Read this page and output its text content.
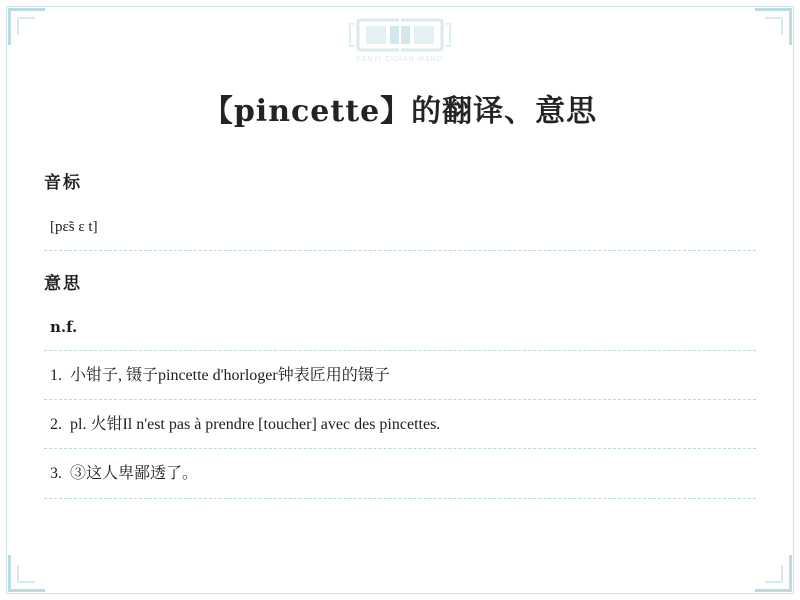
FANYI CIDIAN WANG
【pincette】的翻译、意思
音标
[pɛ̃s ɛ t]
意思
n.f.
1. 小钳子, 镊子pincette d'horloger钟表匠用的镊子
2. pl. 火钳Il n'est pas à prendre [toucher] avec des pincettes.
3. ③这人卑鄙透了。
